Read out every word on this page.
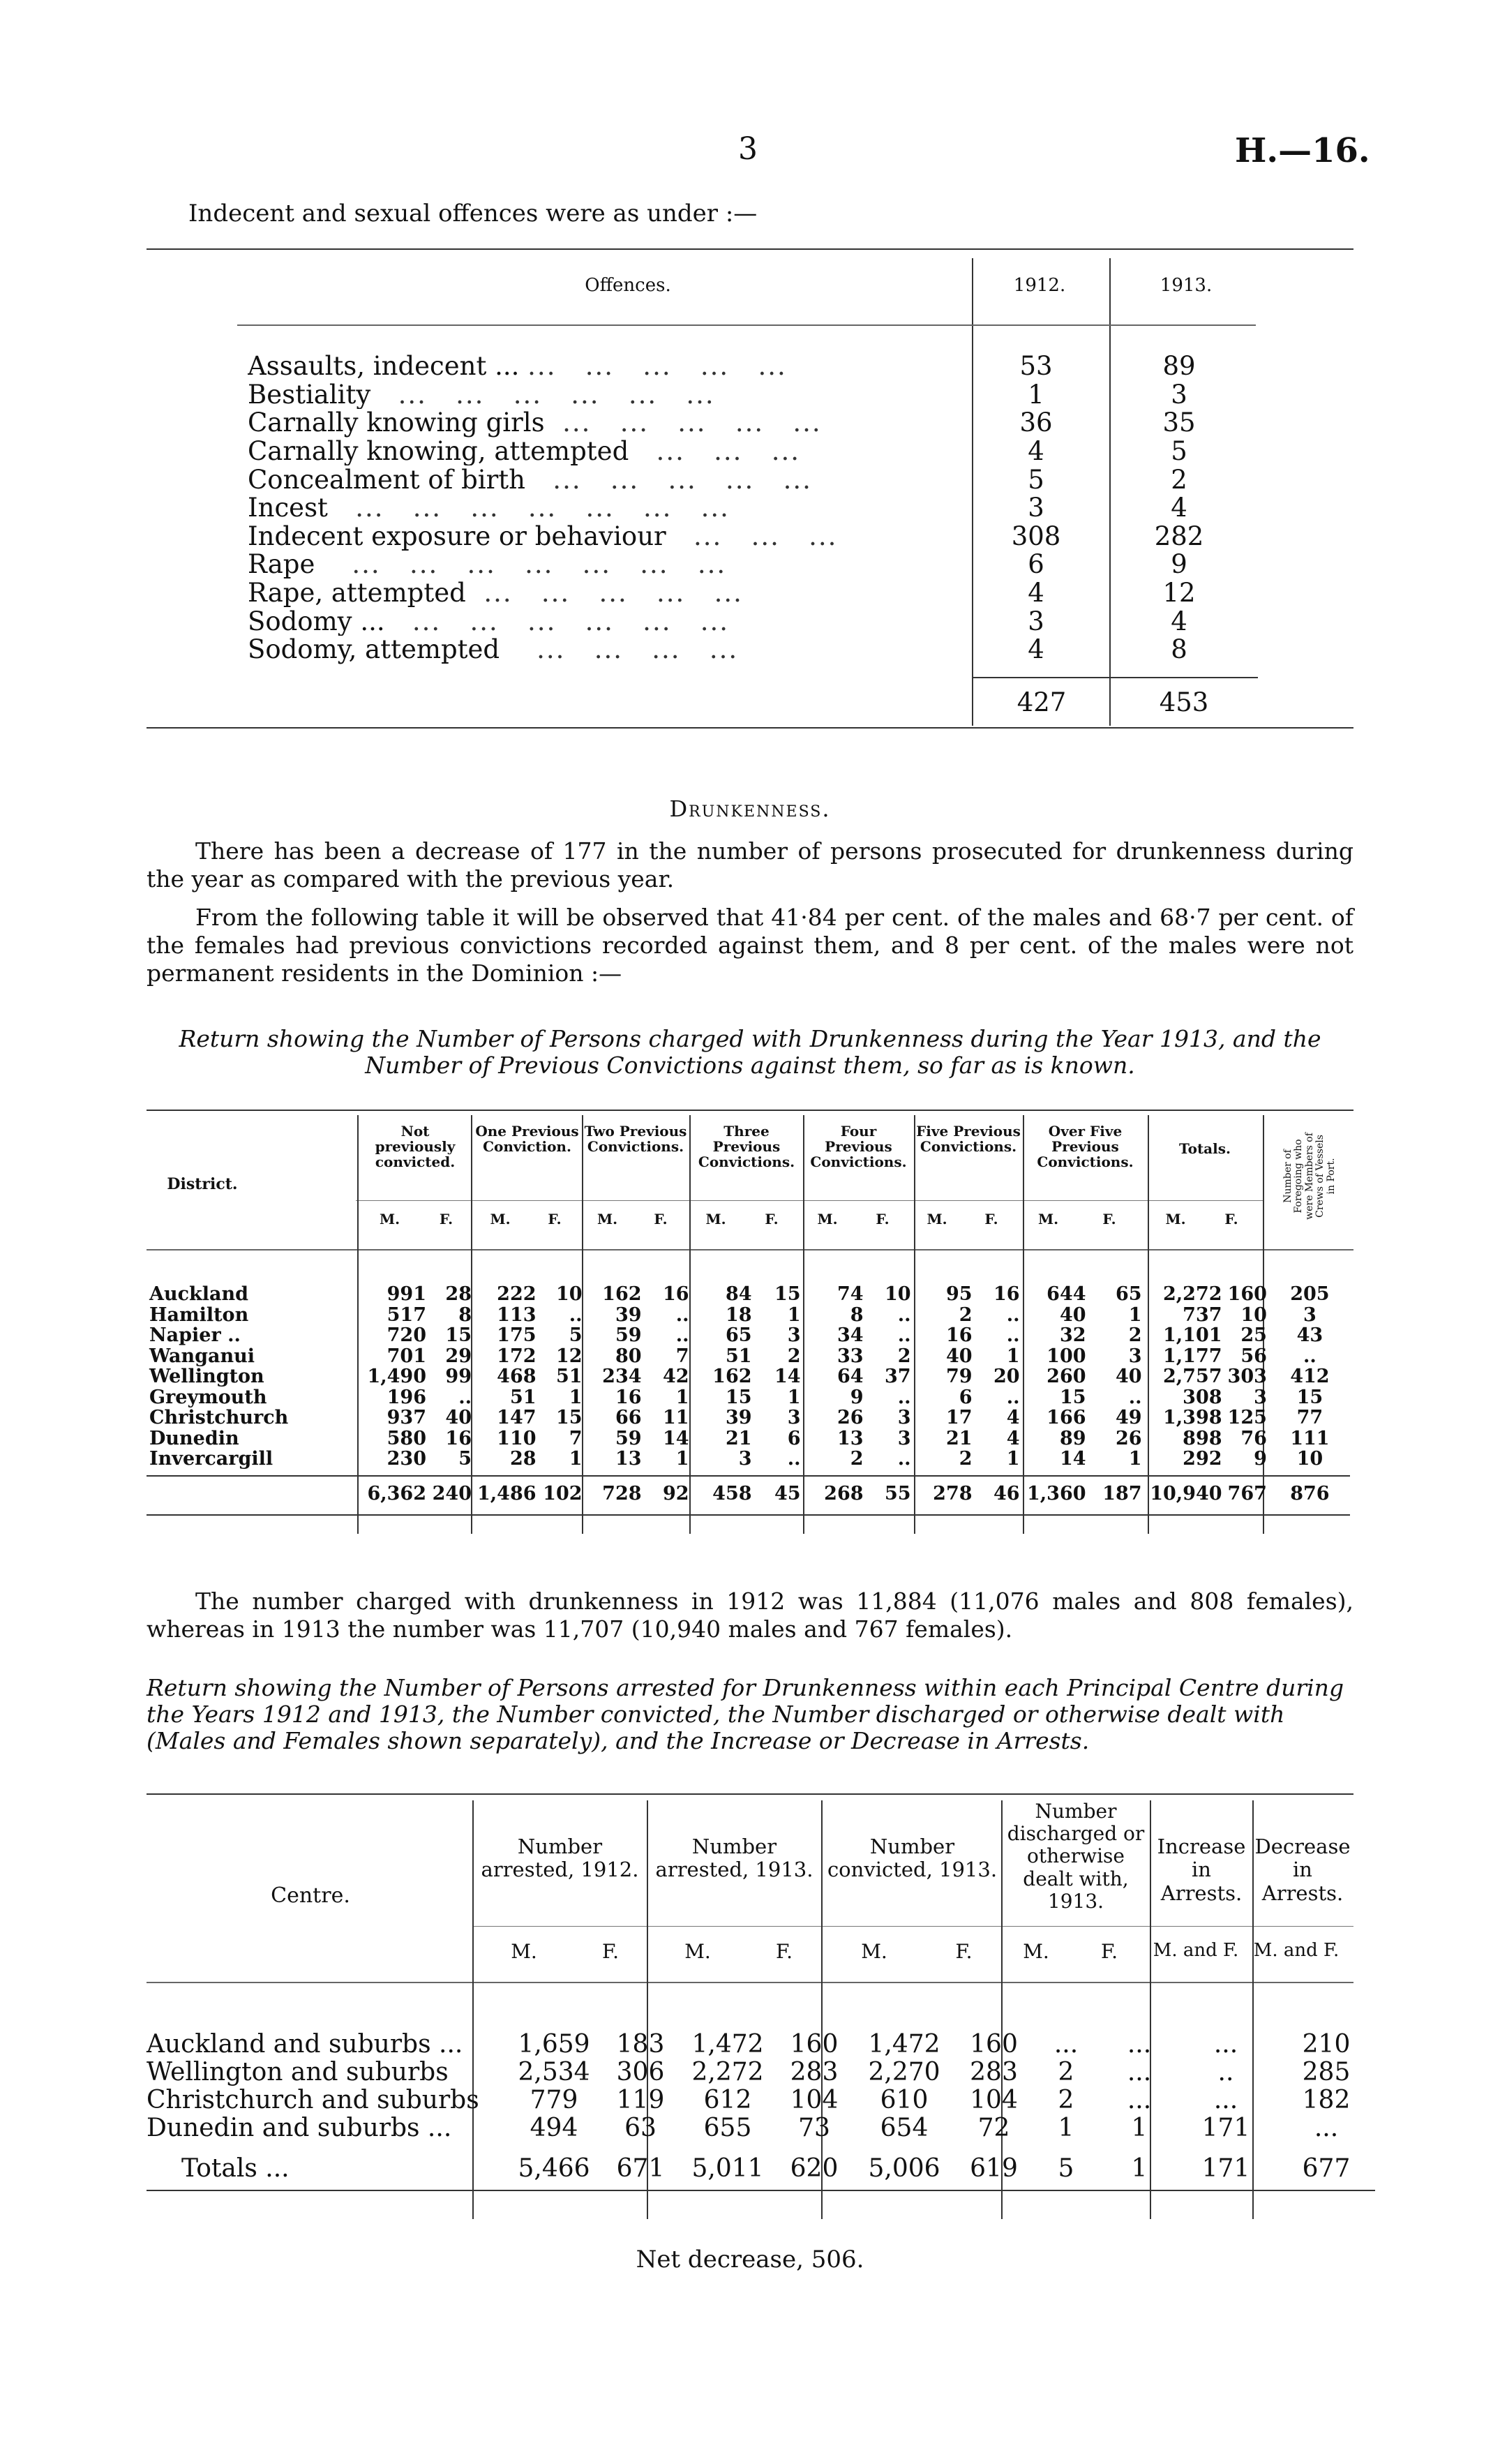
3	H.—16.
Indecent and sexual offences were as under :—
Offences.	1912.	1913.
Assaults, indecent ... ...   ...   ...   ...   ...	53	89
Bestiality   ...   ...   ...   ...   ...   ...	1	3
Carnally knowing girls  ...   ...   ...   ...   ...	36	35
Carnally knowing, attempted   ...   ...   ...	4	5
Concealment of birth   ...   ...   ...   ...   ...	5	2
Incest   ...   ...   ...   ...   ...   ...   ...	3	4
Indecent exposure or behaviour   ...   ...   ...	308	282
Rape    ...   ...   ...   ...   ...   ...   ...	6	9
Rape, attempted  ...   ...   ...   ...   ...	4	12
Sodomy ...   ...   ...   ...   ...   ...   ...	3	4
Sodomy, attempted    ...   ...   ...   ...	4	8
427	453
Drunkenness.
There has been a decrease of 177 in the number of persons prosecuted for drunkenness during the year as compared with the previous year.
From the following table it will be observed that 41·84 per cent. of the males and 68·7 per cent. of the females had previous convictions recorded against them, and 8 per cent. of the males were not permanent residents in the Dominion :—
Return showing the Number of Persons charged with Drunkenness during the Year 1913, and the Number of Previous Convictions against them, so far as is known.
District.
Not previously convicted.
One Previous Conviction.
Two Previous Convictions.
Three Previous Convictions.
Four Previous Convictions.
Five Previous Convictions.
Over Five Previous Convictions.
Totals.
Number of Foregoing who were Members of Crews of Vessels in Port.
M.	F.	M.	F.	M.	F.	M.	F.	M.	F.	M.	F.	M.	F.	M.	F.
Auckland	991	28	222	10	162	16	84	15	74	10	95	16	644	65	2,272	160	205
Hamilton	517	8	113	..	39	..	18	1	8	..	2	..	40	1	737	10	3
Napier ..	720	15	175	5	59	..	65	3	34	..	16	..	32	2	1,101	25	43
Wanganui	701	29	172	12	80	7	51	2	33	2	40	1	100	3	1,177	56	..
Wellington	1,490	99	468	51	234	42	162	14	64	37	79	20	260	40	2,757	303	412
Greymouth	196	..	51	1	16	1	15	1	9	..	6	..	15	..	308	3	15
Christchurch	937	40	147	15	66	11	39	3	26	3	17	4	166	49	1,398	125	77
Dunedin	580	16	110	7	59	14	21	6	13	3	21	4	89	26	898	76	111
Invercargill	230	5	28	1	13	1	3	..	2	..	2	1	14	1	292	9	10

	6,362	240	1,486	102	728	92	458	45	268	55	278	46	1,360	187	10,940	767	876

The number charged with drunkenness in 1912 was 11,884 (11,076 males and 808 females), whereas in 1913 the number was 11,707 (10,940 males and 767 females).
Return showing the Number of Persons arrested for Drunkenness within each Principal Centre during the Years 1912 and 1913, the Number convicted, the Number discharged or otherwise dealt with (Males and Females shown separately), and the Increase or Decrease in Arrests.
Centre.
Number arrested, 1912.
Number arrested, 1913.
Number convicted, 1913.
Number discharged or otherwise dealt with, 1913.
Increase in Arrests.
Decrease in Arrests.
M.	F.	M.	F.	M.	F.	M.	F.	M. and F. M. and F.
Auckland and suburbs ...	1,659	183	1,472	160	1,472	160	...	...	...	210
Wellington and suburbs	2,534	306	2,272	283	2,270	283	2	...	..	285
Christchurch and suburbs	779	119	612	104	610	104	2	...	...	182
Dunedin and suburbs ...	494	63	655	73	654	72	1	1	171	...

Totals ...	5,466	671	5,011	620	5,006	619	5	1	171	677

Net decrease, 506.
